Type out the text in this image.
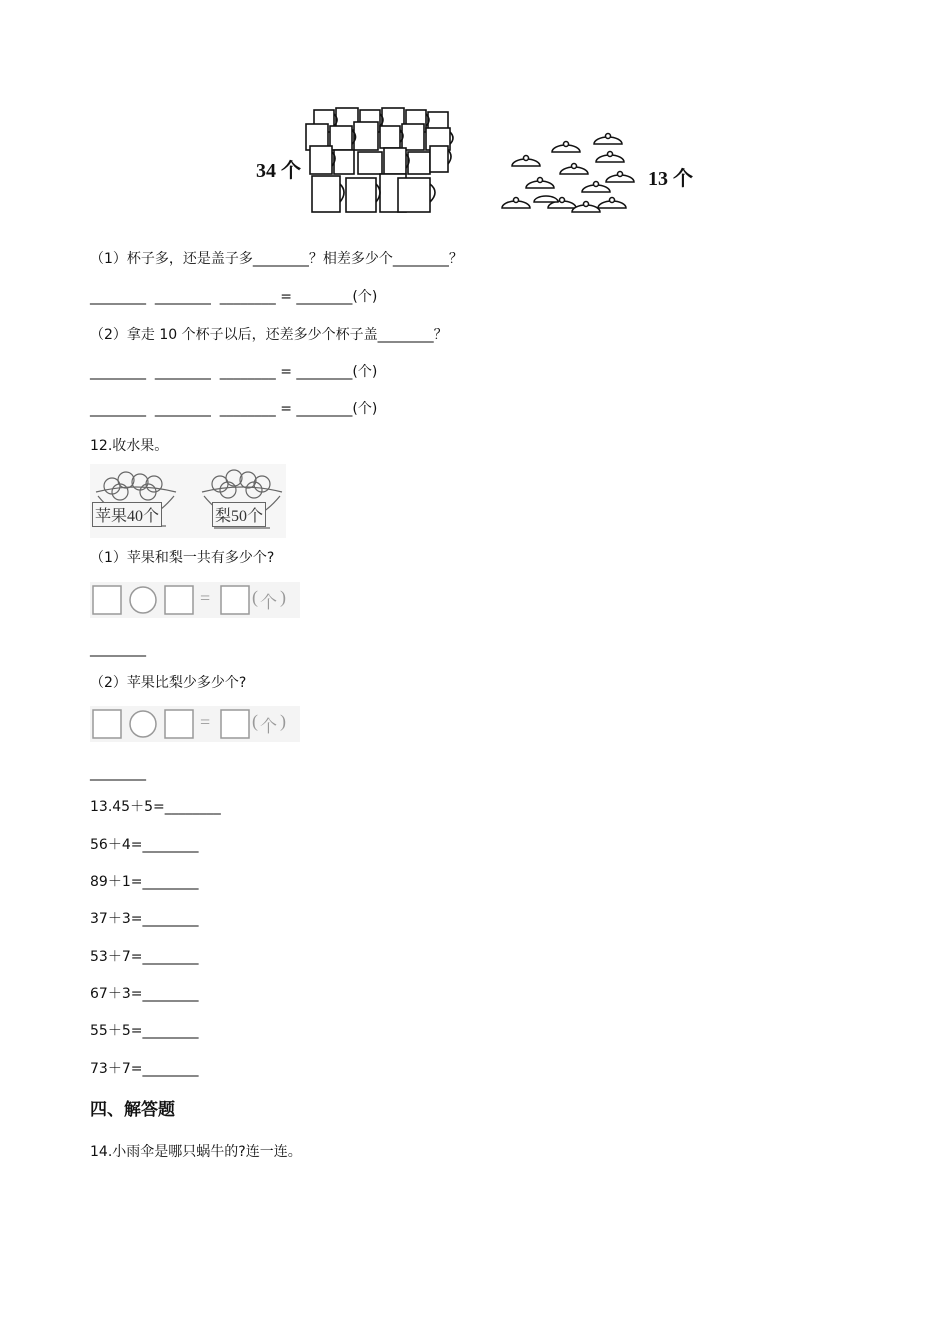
34 个	13 个
（1）杯子多，还是盖子多________？相差多少个________？
________  ________  ________ = ________(个)
（2）拿走 10 个杯子以后，还差多少个杯子盖________？
________  ________  ________ = ________(个)
________  ________  ________ = ________(个)
12.收水果。
苹果40个	梨50个
（1）苹果和梨一共有多少个?
= ( 个 )
________
（2）苹果比梨少多少个?
= ( 个 )
________
13.45＋5=________
56＋4=________
89＋1=________
37＋3=________
53＋7=________
67＋3=________
55＋5=________
73＋7=________
四、解答题
14.小雨伞是哪只蜗牛的?连一连。
